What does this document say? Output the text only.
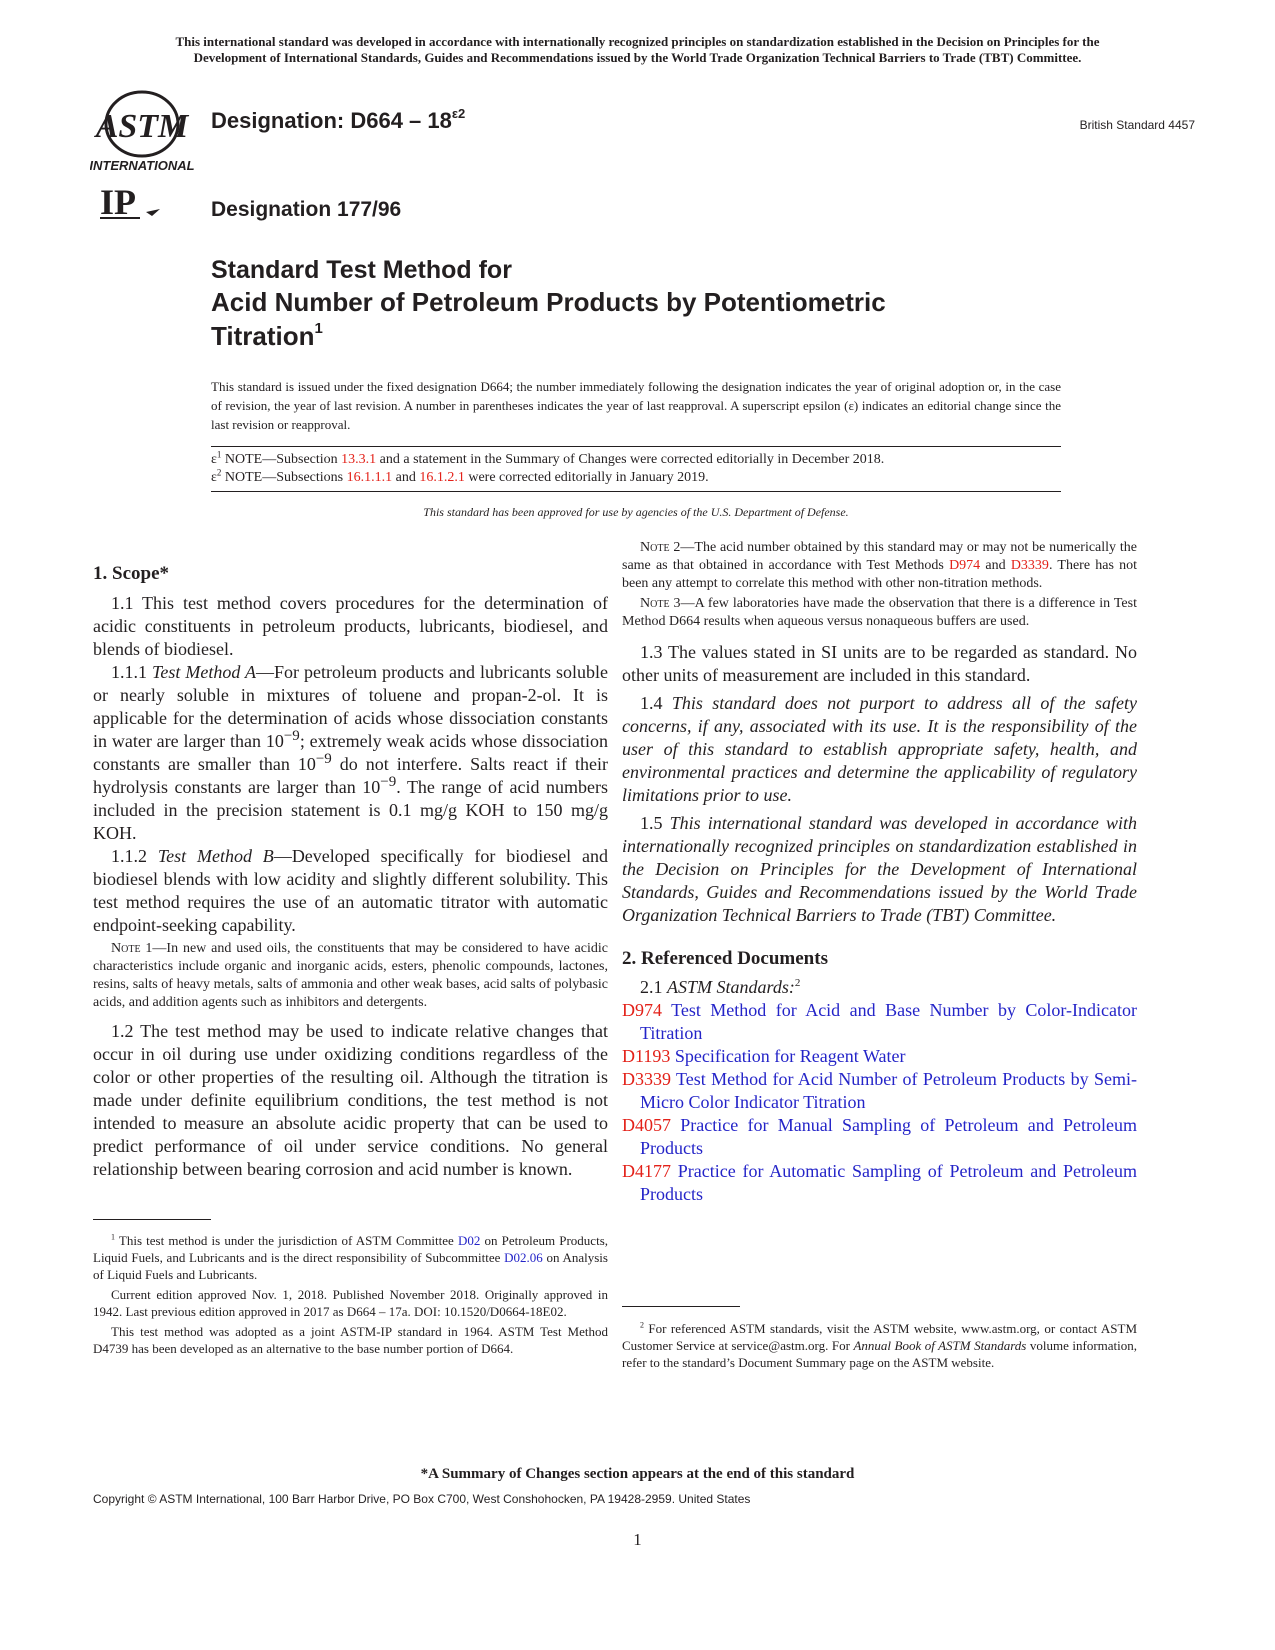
This international standard was developed in accordance with internationally recognized principles on standardization established in the Decision on Principles for the
Development of International Standards, Guides and Recommendations issued by the World Trade Organization Technical Barriers to Trade (TBT) Committee.
ASTM
INTERNATIONAL
Designation: $D664 - 18^{\varepsilon 2}$
British Standard 4457
IP	Designation 177/96
Standard Test Method for
Acid Number of Petroleum Products by Potentiometric
Titration$^1$
This standard is issued under the fixed designation D664; the number immediately following the designation indicates the year of original adoption or, in the case of revision, the year of last revision. A number in parentheses indicates the year of last reapproval. A superscript epsilon (ε) indicates an editorial change since the last revision or reapproval.
$\varepsilon^1$ NOTE—Subsection 13.3.1 and a statement in the Summary of Changes were corrected editorially in December 2018.
$\varepsilon^2$ NOTE—Subsections 16.1.1.1 and 16.1.2.1 were corrected editorially in January 2019.
This standard has been approved for use by agencies of the U.S. Department of Defense.
1. Scope*

1.1 This test method covers procedures for the determination of acidic constituents in petroleum products, lubricants, biodiesel, and blends of biodiesel.

1.1.1 Test Method A—For petroleum products and lubricants soluble or nearly soluble in mixtures of toluene and propan-2-ol. It is applicable for the determination of acids whose dissociation constants in water are larger than $10^{-9}$; extremely weak acids whose dissociation constants are smaller than $10^{-9}$ do not interfere. Salts react if their hydrolysis constants are larger than $10^{-9}$. The range of acid numbers included in the precision statement is 0.1 mg/g KOH to 150 mg/g KOH.

1.1.2 Test Method B—Developed specifically for biodiesel and biodiesel blends with low acidity and slightly different solubility. This test method requires the use of an automatic titrator with automatic endpoint-seeking capability.

Note 1—In new and used oils, the constituents that may be considered to have acidic characteristics include organic and inorganic acids, esters, phenolic compounds, lactones, resins, salts of heavy metals, salts of ammonia and other weak bases, acid salts of polybasic acids, and addition agents such as inhibitors and detergents.

1.2 The test method may be used to indicate relative changes that occur in oil during use under oxidizing conditions regardless of the color or other properties of the resulting oil. Although the titration is made under definite equilibrium conditions, the test method is not intended to measure an absolute acidic property that can be used to predict performance of oil under service conditions. No general relationship between bearing corrosion and acid number is known.

$^1$ This test method is under the jurisdiction of ASTM Committee D02 on Petroleum Products, Liquid Fuels, and Lubricants and is the direct responsibility of Subcommittee D02.06 on Analysis of Liquid Fuels and Lubricants.

Current edition approved Nov. 1, 2018. Published November 2018. Originally approved in 1942. Last previous edition approved in 2017 as D664 – 17a. DOI: 10.1520/D0664-18E02.

This test method was adopted as a joint ASTM-IP standard in 1964. ASTM Test Method D4739 has been developed as an alternative to the base number portion of D664.

Note 2—The acid number obtained by this standard may or may not be numerically the same as that obtained in accordance with Test Methods D974 and D3339. There has not been any attempt to correlate this method with other non-titration methods.

Note 3—A few laboratories have made the observation that there is a difference in Test Method D664 results when aqueous versus nonaqueous buffers are used.

1.3 The values stated in SI units are to be regarded as standard. No other units of measurement are included in this standard.

1.4 This standard does not purport to address all of the safety concerns, if any, associated with its use. It is the responsibility of the user of this standard to establish appropriate safety, health, and environmental practices and determine the applicability of regulatory limitations prior to use.

1.5 This international standard was developed in accordance with internationally recognized principles on standardization established in the Decision on Principles for the Development of International Standards, Guides and Recommendations issued by the World Trade Organization Technical Barriers to Trade (TBT) Committee.

2. Referenced Documents

2.1 ASTM Standards:$^2$

D974 Test Method for Acid and Base Number by Color-Indicator Titration

D1193 Specification for Reagent Water

D3339 Test Method for Acid Number of Petroleum Products by Semi-Micro Color Indicator Titration

D4057 Practice for Manual Sampling of Petroleum and Petroleum Products

D4177 Practice for Automatic Sampling of Petroleum and Petroleum Products

$^2$ For referenced ASTM standards, visit the ASTM website, www.astm.org, or contact ASTM Customer Service at service@astm.org. For Annual Book of ASTM Standards volume information, refer to the standard’s Document Summary page on the ASTM website.

*A Summary of Changes section appears at the end of this standard
Copyright © ASTM International, 100 Barr Harbor Drive, PO Box C700, West Conshohocken, PA 19428-2959. United States
1
